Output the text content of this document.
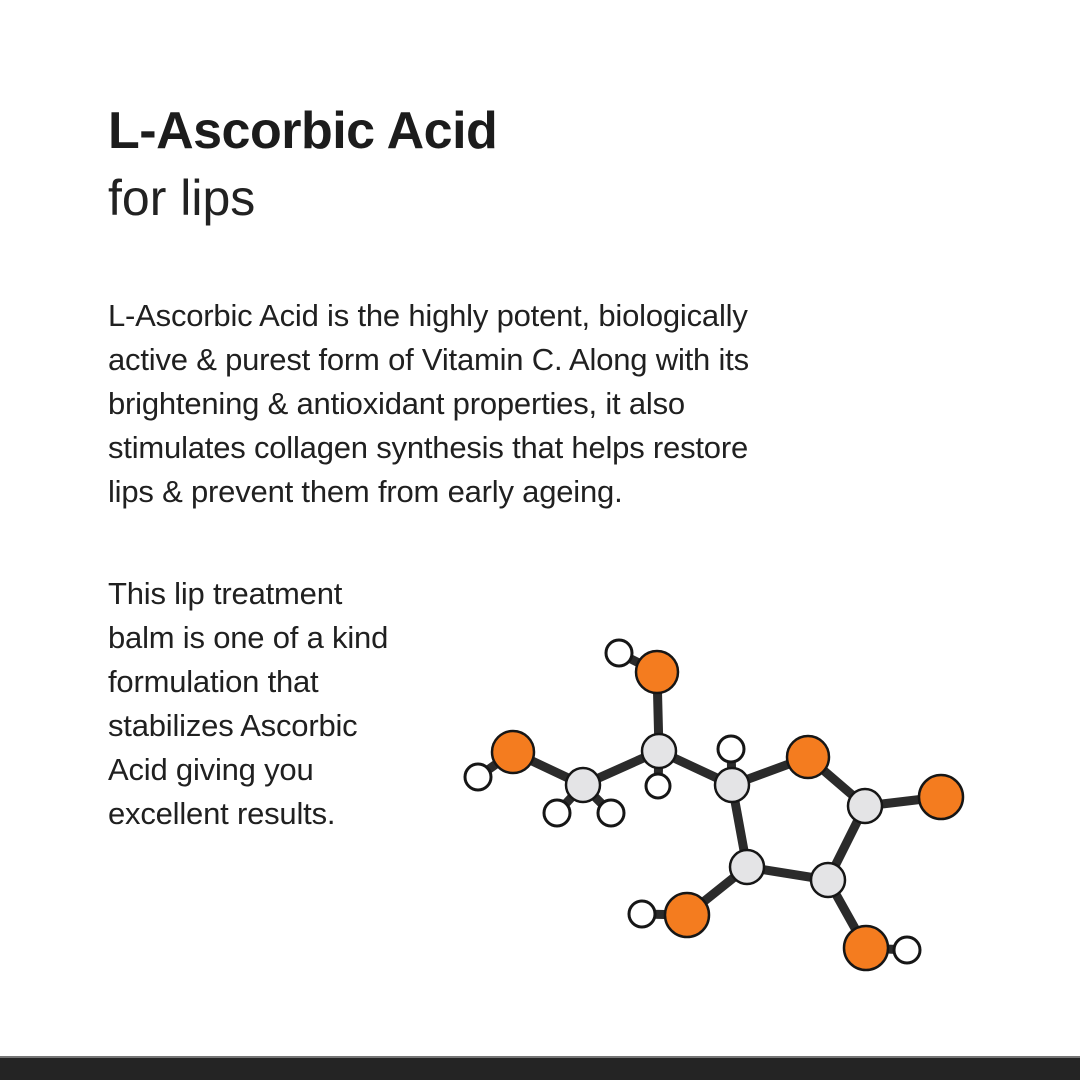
L-Ascorbic Acid
for lips
L-Ascorbic Acid is the highly potent, biologically
active & purest form of Vitamin C. Along with its
brightening & antioxidant properties, it also
stimulates collagen synthesis that helps restore
lips & prevent them from early ageing.
This lip treatment
balm is one of a kind
formulation that
stabilizes Ascorbic
Acid giving you
excellent results.
